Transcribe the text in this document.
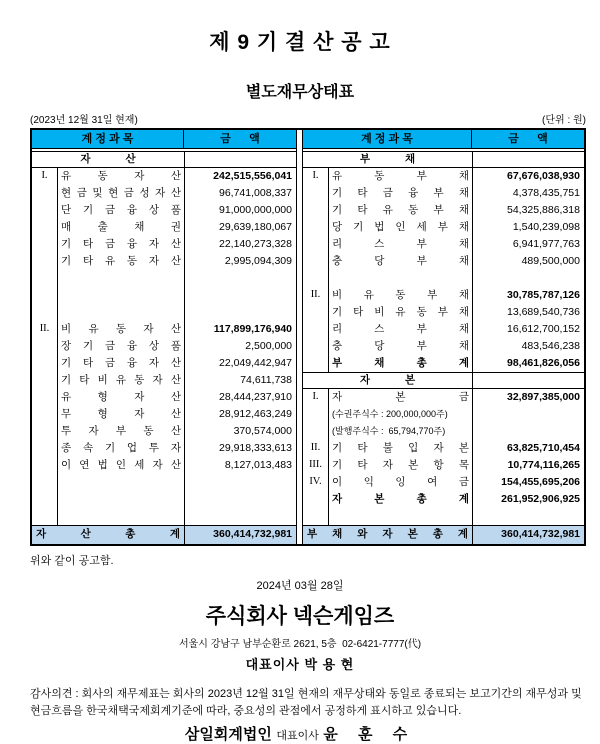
제 9 기 결 산 공 고
별도재무상태표
(2023년 12월 31일 현재)	(단위 : 원)
계 정 과 목	금      액
자            산
I.	유 동 자 산	242,515,556,041
현 금 및 현 금 성 자 산	96,741,008,337
단 기 금 융 상 품	91,000,000,000
매 출 채 권	29,639,180,067
기 타 금 융 자 산	22,140,273,328
기 타 유 동 자 산	2,995,094,309
II.	비 유 동 자 산	117,899,176,940
장 기 금 융 상 품	2,500,000
기 타 금 융 자 산	22,049,442,947
기 타 비 유 동 자 산	74,611,738
유 형 자 산	28,444,237,910
무 형 자 산	28,912,463,249
투 자 부 동 산	370,574,000
종 속 기 업 투 자	29,918,333,613
이 연 법 인 세 자 산	8,127,013,483
자 산 총 계	360,414,732,981
계 정 과 목	금      액
부            채
I.	유 동 부 채	67,676,038,930
기 타 금 융 부 채	4,378,435,751
기 타 유 동 부 채	54,325,886,318
당 기 법 인 세 부 채	1,540,239,098
리 스 부 채	6,941,977,763
충 당 부 채	489,500,000
II.	비 유 동 부 채	30,785,787,126
기 타 비 유 동 부 채	13,689,540,736
리 스 부 채	16,612,700,152
충 당 부 채	483,546,238
부 채 총 계	98,461,826,056
자            본
I.	자 본 금	32,897,385,000
(수권주식수 : 200,000,000주)
(발행주식수 :  65,794,770주)
II.	기 타 불 입 자 본	63,825,710,454
III. 기 타 자 본 항 목	10,774,116,265
IV. 이 익 잉 여 금	154,455,695,206
자 본 총 계	261,952,906,925
부 채 와 자 본 총 계	360,414,732,981
위와 같이 공고함.
2024년 03월 28일
주식회사 넥슨게임즈
서울시 강남구 남부순환로 2621, 5층  02-6421-7777(代)
대표이사 박 용 현
감사의견 : 회사의 재무제표는 회사의 2023년 12월 31일 현재의 재무상태와 동일로 종료되는 보고기간의 재무성과 및 현금흐름을 한국채택국제회계기준에 따라, 중요성의 관점에서 공정하게 표시하고 있습니다.
삼일회계법인 대표이사 윤 훈 수
